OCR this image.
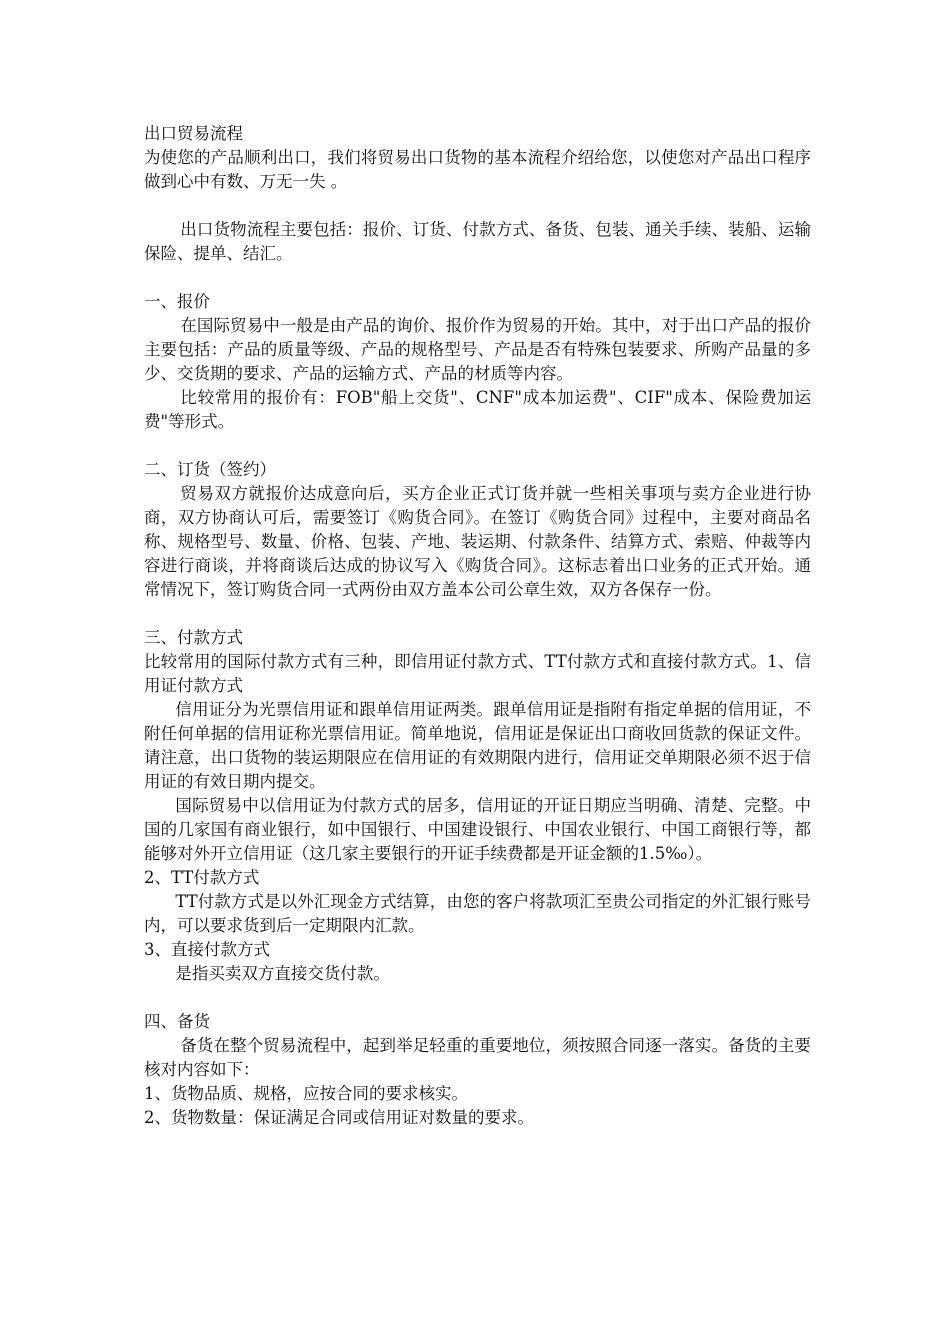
出口贸易流程

为使您的产品顺利出口，我们将贸易出口货物的基本流程介绍给您，以使您对产品出口程序做到心中有数、万无一失 。

出口货物流程主要包括：报价、订货、付款方式、备货、包装、通关手续、装船、运输保险、提单、结汇。

一、报价

在国际贸易中一般是由产品的询价、报价作为贸易的开始。其中，对于出口产品的报价主要包括：产品的质量等级、产品的规格型号、产品是否有特殊包装要求、所购产品量的多少、交货期的要求、产品的运输方式、产品的材质等内容。

比较常用的报价有：FOB"船上交货"、CNF"成本加运费"、CIF"成本、保险费加运费"等形式。

二、订货（签约）

贸易双方就报价达成意向后，买方企业正式订货并就一些相关事项与卖方企业进行协商，双方协商认可后，需要签订《购货合同》。在签订《购货合同》过程中，主要对商品名称、规格型号、数量、价格、包装、产地、装运期、付款条件、结算方式、索赔、仲裁等内容进行商谈，并将商谈后达成的协议写入《购货合同》。这标志着出口业务的正式开始。通常情况下，签订购货合同一式两份由双方盖本公司公章生效，双方各保存一份。

三、付款方式

比较常用的国际付款方式有三种，即信用证付款方式、TT付款方式和直接付款方式。1、信用证付款方式

信用证分为光票信用证和跟单信用证两类。跟单信用证是指附有指定单据的信用证，不附任何单据的信用证称光票信用证。简单地说，信用证是保证出口商收回货款的保证文件。请注意，出口货物的装运期限应在信用证的有效期限内进行，信用证交单期限必须不迟于信用证的有效日期内提交。

国际贸易中以信用证为付款方式的居多，信用证的开证日期应当明确、清楚、完整。中国的几家国有商业银行，如中国银行、中国建设银行、中国农业银行、中国工商银行等，都能够对外开立信用证（这几家主要银行的开证手续费都是开证金额的1.5‰）。

2、TT付款方式

TT付款方式是以外汇现金方式结算，由您的客户将款项汇至贵公司指定的外汇银行账号内，可以要求货到后一定期限内汇款。

3、直接付款方式

是指买卖双方直接交货付款。

四、备货

备货在整个贸易流程中，起到举足轻重的重要地位，须按照合同逐一落实。备货的主要核对内容如下：

1、货物品质、规格，应按合同的要求核实。

2、货物数量：保证满足合同或信用证对数量的要求。
